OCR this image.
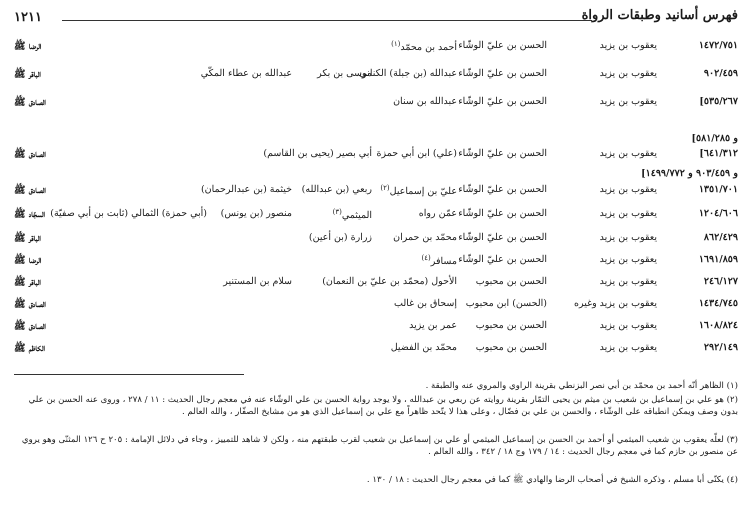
١٢١١	فهرس أسانيد وطبقات الرواة
١٤٧٢/٧٥١
يعقوب بن يزيد
الحسن بن عليّ الوشّاء
أحمد بن محمّد$^{(١)}$
الرضا ﷺ
٩٠٢/٤٥٩
يعقوب بن يزيد
الحسن بن عليّ الوشّاء
عبدالله (بن جبلة) الكناني
موسى بن بكر
عبدالله بن عطاء المكّي
الباقر ﷺ
٥٣٥/٢٦٧]
يعقوب بن يزيد
الحسن بن عليّ الوشّاء
عبدالله بن سنان
الصادق ﷺ
٦٤١/٣١٢]
يعقوب بن يزيد
الحسن بن عليّ الوشّاء
(علي) ابن أبي حمزة
أبي بصير (يحيى بن القاسم)
الصادق ﷺ
١٣٥١/٧٠١
يعقوب بن يزيد
الحسن بن عليّ الوشّاء
عليّ بن إسماعيل$^{(٢)}$
ربعي (بن عبدالله)
خيثمة (بن عبدالرحمان)
الصادق ﷺ
١٢٠٤/٦٠٦
يعقوب بن يزيد
الحسن بن عليّ الوشّاء
عمّن رواه
الميثمي$^{(٣)}$
منصور (بن يونس)
(أبي حمزة) الثمالي (ثابت بن أبي صفيّة)
السجّاد ﷺ
٨٦٢/٤٢٩
يعقوب بن يزيد
الحسن بن عليّ الوشّاء
محمّد بن حمران
زرارة (بن أعين)
الباقر ﷺ
١٦٩١/٨٥٩
يعقوب بن يزيد
الحسن بن عليّ الوشّاء
مسافر$^{(٤)}$
الرضا ﷺ
٢٤٦/١٢٧
يعقوب بن يزيد
الحسن بن محبوب
الأحول (محمّد بن عليّ بن النعمان)
سلام بن المستنير
الباقر ﷺ
١٤٣٤/٧٤٥
يعقوب بن يزيد وغيره
(الحسن) ابن محبوب
إسحاق بن غالب
الصادق ﷺ
١٦٠٨/٨٢٤
يعقوب بن يزيد
الحسن بن محبوب
عمر بن يزيد
الصادق ﷺ
٢٩٢/١٤٩
يعقوب بن يزيد
الحسن بن محبوب
محمّد بن الفضيل
الكاظم ﷺ
و ٥٨١/٢٨٥]
و ٩٠٣/٤٥٩ و ١٤٩٩/٧٧٢]
(١) الظاهر أنّه أحمد بن محمّد بن أبي نصر البزنطي بقرينة الراوي والمروي عنه والطبقة .
(٢) هو علي بن إسماعيل بن شعيب بن ميثم بن يحيى التمّار بقرينة روايته عن ربعي بن عبدالله ، ولا يوجد رواية الحسن بن علي الوشّاء عنه في معجم رجال الحديث : ١١ / ٢٧٨ ، وروى عنه الحسن بن علي بدون وصف ويمكن انطباقه على الوشّاء ، والحسن بن علي بن فضّال ، وعلى هذا لا يتّحد ظاهراً مع علي بن إسماعيل الذي هو من مشايخ الصفّار ، والله العالم .
(٣) لعلّه يعقوب بن شعيب الميثمي أو أحمد بن الحسن بن إسماعيل الميثمي أو علي بن إسماعيل بن شعيب لقرب طبقتهم منه ، ولكن لا شاهد للتمييز ، وجاء في دلائل الإمامة : ٢٠٥ ح ١٢٦ المثنّى وهو يروي عن منصور بن حازم كما في معجم رجال الحديث : ١٤ / ١٧٩ وج ١٨ / ٣٤٢ ، والله العالم .
(٤) يكنّى أبا مسلم ، وذكره الشيخ في أصحاب الرضا والهادي ﷺ كما في معجم رجال الحديث : ١٨ / ١٣٠ .
